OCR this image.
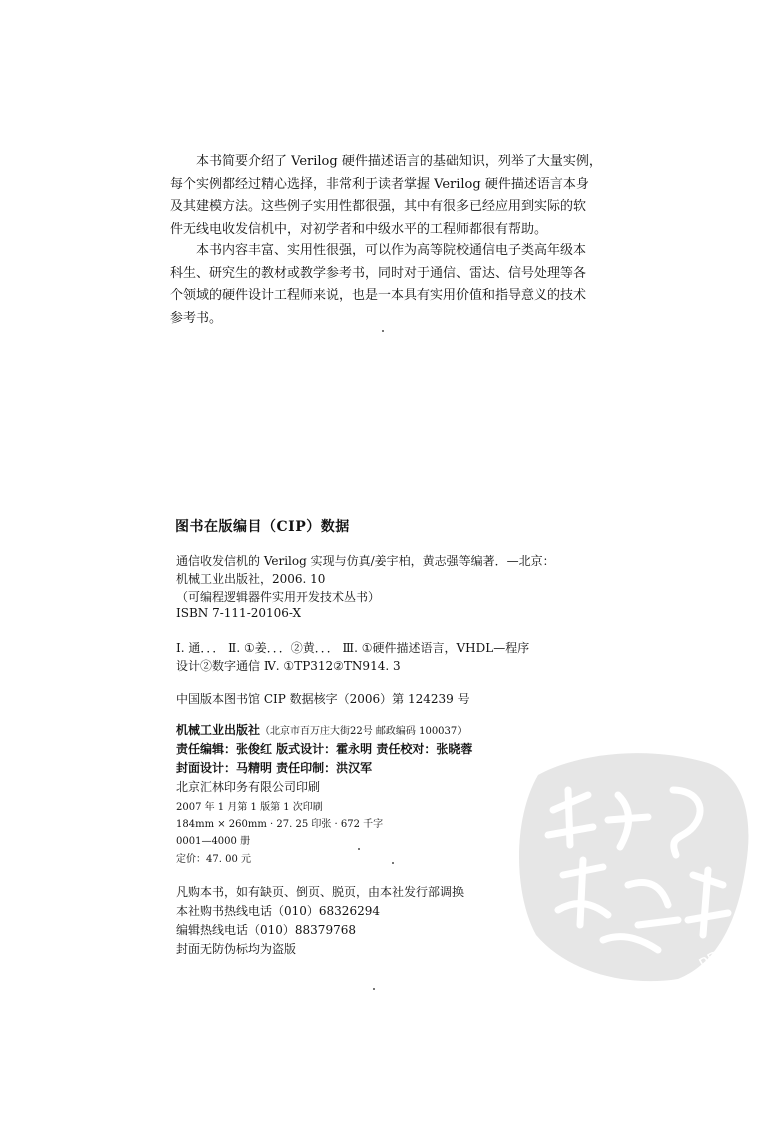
本书简要介绍了 Verilog 硬件描述语言的基础知识，列举了大量实例，

每个实例都经过精心选择，非常利于读者掌握 Verilog 硬件描述语言本身

及其建模方法。这些例子实用性都很强，其中有很多已经应用到实际的软

件无线电收发信机中，对初学者和中级水平的工程师都很有帮助。

本书内容丰富、实用性很强，可以作为高等院校通信电子类高年级本

科生、研究生的教材或教学参考书，同时对于通信、雷达、信号处理等各

个领域的硬件设计工程师来说，也是一本具有实用价值和指导意义的技术

参考书。

图书在版编目（CIP）数据
通信收发信机的 Verilog 实现与仿真/姜宇柏，黄志强等编著．—北京：
机械工业出版社，2006. 10
（可编程逻辑器件实用开发技术丛书）
ISBN 7-111-20106-X
Ⅰ. 通．．． Ⅱ. ①姜．．．②黄．．． Ⅲ. ①硬件描述语言，VHDL—程序
设计②数字通信 Ⅳ. ①TP312②TN914. 3
中国版本图书馆 CIP 数据核字（2006）第 124239 号
机械工业出版社（北京市百万庄大街22号 邮政编码 100037）
责任编辑：张俊红 版式设计：霍永明 责任校对：张晓蓉
封面设计：马精明 责任印制：洪汉军
北京汇林印务有限公司印刷
2007 年 1 月第 1 版第 1 次印刷
184mm × 260mm · 27. 25 印张 · 672 千字
0001—4000 册
定价：47. 00 元
凡购本书，如有缺页、倒页、脱页，由本社发行部调换
本社购书热线电话（010）68326294
编辑热线电话（010）88379768
封面无防伪标均为盗版	PDG
